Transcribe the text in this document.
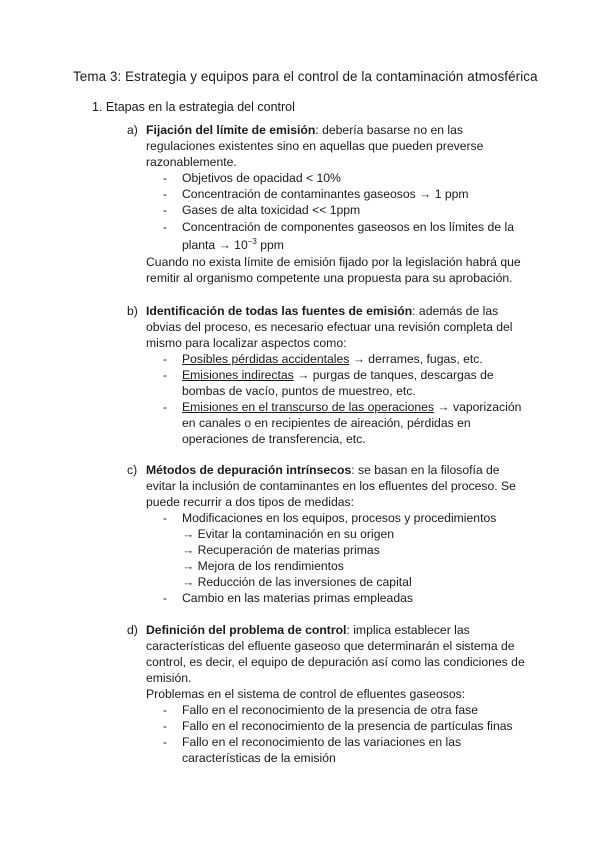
Tema 3: Estrategia y equipos para el control de la contaminación atmosférica
1. Etapas en la estrategia del control
a) Fijación del límite de emisión: debería basarse no en las regulaciones existentes sino en aquellas que pueden preverse razonablemente.
- Objetivos de opacidad < 10%
- Concentración de contaminantes gaseosos → 1 ppm
- Gases de alta toxicidad << 1ppm
- Concentración de componentes gaseosos en los límites de la planta → $10^{-3}$ ppm
Cuando no exista límite de emisión fijado por la legislación habrá que remitir al organismo competente una propuesta para su aprobación.
b) Identificación de todas las fuentes de emisión: además de las obvias del proceso, es necesario efectuar una revisión completa del mismo para localizar aspectos como:
- Posibles pérdidas accidentales → derrames, fugas, etc.
- Emisiones indirectas → purgas de tanques, descargas de bombas de vacío, puntos de muestreo, etc.
- Emisiones en el transcurso de las operaciones → vaporización en canales o en recipientes de aireación, pérdidas en operaciones de transferencia, etc.
c) Métodos de depuración intrínsecos: se basan en la filosofía de evitar la inclusión de contaminantes en los efluentes del proceso. Se puede recurrir a dos tipos de medidas:
- Modificaciones en los equipos, procesos y procedimientos
→ Evitar la contaminación en su origen
→ Recuperación de materias primas
→ Mejora de los rendimientos
→ Reducción de las inversiones de capital
- Cambio en las materias primas empleadas
d) Definición del problema de control: implica establecer las características del efluente gaseoso que determinarán el sistema de control, es decir, el equipo de depuración así como las condiciones de emisión.
Problemas en el sistema de control de efluentes gaseosos:
- Fallo en el reconocimiento de la presencia de otra fase
- Fallo en el reconocimiento de la presencia de partículas finas
- Fallo en el reconocimiento de las variaciones en las características de la emisión
